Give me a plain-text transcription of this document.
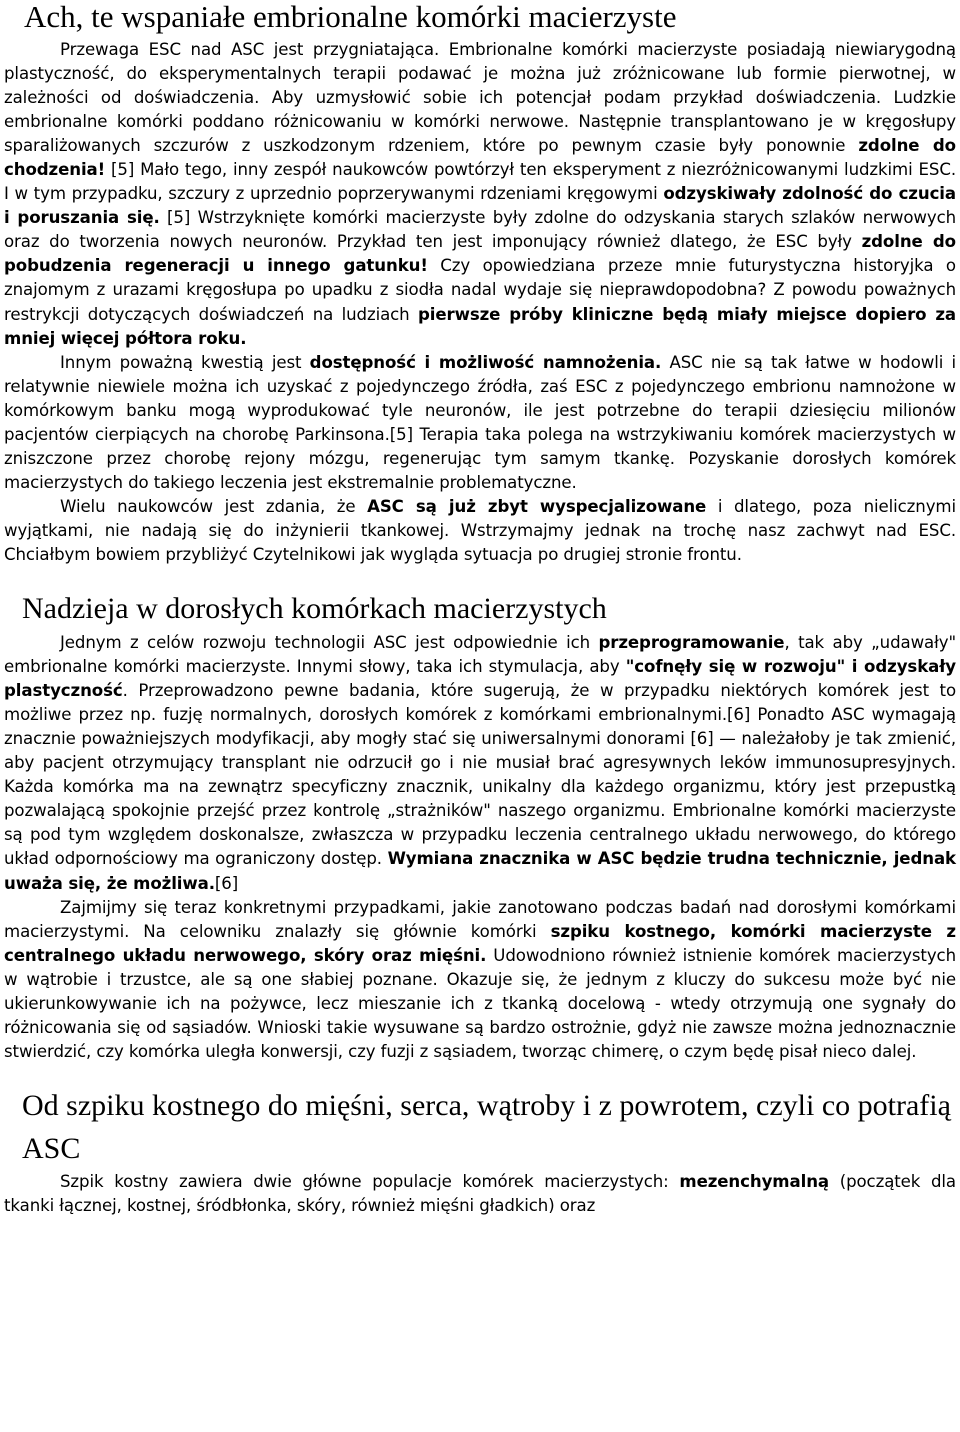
Ach, te wspaniałe embrionalne komórki macierzyste

Przewaga ESC nad ASC jest przygniatająca. Embrionalne komórki macierzyste posiadają niewiarygodną plastyczność, do eksperymentalnych terapii podawać je można już zróżnicowane lub formie pierwotnej, w zależności od doświadczenia. Aby uzmysłowić sobie ich potencjał podam przykład doświadczenia. Ludzkie embrionalne komórki poddano różnicowaniu w komórki nerwowe. Następnie transplantowano je w kręgosłupy sparaliżowanych szczurów z uszkodzonym rdzeniem, które po pewnym czasie były ponownie zdolne do chodzenia! [5] Mało tego, inny zespół naukowców powtórzył ten eksperyment z niezróżnicowanymi ludzkimi ESC. I w tym przypadku, szczury z uprzednio poprzerywanymi rdzeniami kręgowymi odzyskiwały zdolność do czucia i poruszania się. [5] Wstrzyknięte komórki macierzyste były zdolne do odzyskania starych szlaków nerwowych oraz do tworzenia nowych neuronów. Przykład ten jest imponujący również dlatego, że ESC były zdolne do pobudzenia regeneracji u innego gatunku! Czy opowiedziana przeze mnie futurystyczna historyjka o znajomym z urazami kręgosłupa po upadku z siodła nadal wydaje się nieprawdopodobna? Z powodu poważnych restrykcji dotyczących doświadczeń na ludziach pierwsze próby kliniczne będą miały miejsce dopiero za mniej więcej półtora roku.

Innym poważną kwestią jest dostępność i możliwość namnożenia. ASC nie są tak łatwe w hodowli i relatywnie niewiele można ich uzyskać z pojedynczego źródła, zaś ESC z pojedynczego embrionu namnożone w komórkowym banku mogą wyprodukować tyle neuronów, ile jest potrzebne do terapii dziesięciu milionów pacjentów cierpiących na chorobę Parkinsona.[5] Terapia taka polega na wstrzykiwaniu komórek macierzystych w zniszczone przez chorobę rejony mózgu, regenerując tym samym tkankę. Pozyskanie dorosłych komórek macierzystych do takiego leczenia jest ekstremalnie problematyczne.

Wielu naukowców jest zdania, że ASC są już zbyt wyspecjalizowane i dlatego, poza nielicznymi wyjątkami, nie nadają się do inżynierii tkankowej. Wstrzymajmy jednak na trochę nasz zachwyt nad ESC. Chciałbym bowiem przybliżyć Czytelnikowi jak wygląda sytuacja po drugiej stronie frontu.

Nadzieja w dorosłych komórkach macierzystych

Jednym z celów rozwoju technologii ASC jest odpowiednie ich przeprogramowanie, tak aby „udawały" embrionalne komórki macierzyste. Innymi słowy, taka ich stymulacja, aby "cofnęły się w rozwoju" i odzyskały plastyczność. Przeprowadzono pewne badania, które sugerują, że w przypadku niektórych komórek jest to możliwe przez np. fuzję normalnych, dorosłych komórek z komórkami embrionalnymi.[6] Ponadto ASC wymagają znacznie poważniejszych modyfikacji, aby mogły stać się uniwersalnymi donorami [6] — należałoby je tak zmienić, aby pacjent otrzymujący transplant nie odrzucił go i nie musiał brać agresywnych leków immunosupresyjnych. Każda komórka ma na zewnątrz specyficzny znacznik, unikalny dla każdego organizmu, który jest przepustką pozwalającą spokojnie przejść przez kontrolę „strażników" naszego organizmu. Embrionalne komórki macierzyste są pod tym względem doskonalsze, zwłaszcza w przypadku leczenia centralnego układu nerwowego, do którego układ odpornościowy ma ograniczony dostęp. Wymiana znacznika w ASC będzie trudna technicznie, jednak uważa się, że możliwa.[6]

Zajmijmy się teraz konkretnymi przypadkami, jakie zanotowano podczas badań nad dorosłymi komórkami macierzystymi. Na celowniku znalazły się głównie komórki szpiku kostnego, komórki macierzyste z centralnego układu nerwowego, skóry oraz mięśni. Udowodniono również istnienie komórek macierzystych w wątrobie i trzustce, ale są one słabiej poznane. Okazuje się, że jednym z kluczy do sukcesu może być nie ukierunkowywanie ich na pożywce, lecz mieszanie ich z tkanką docelową - wtedy otrzymują one sygnały do różnicowania się od sąsiadów. Wnioski takie wysuwane są bardzo ostrożnie, gdyż nie zawsze można jednoznacznie stwierdzić, czy komórka uległa konwersji, czy fuzji z sąsiadem, tworząc chimerę, o czym będę pisał nieco dalej.

Od szpiku kostnego do mięśni, serca, wątroby i z powrotem, czyli co potrafią ASC

Szpik kostny zawiera dwie główne populacje komórek macierzystych: mezenchymalną (początek dla tkanki łącznej, kostnej, śródbłonka, skóry, również mięśni gładkich) oraz
